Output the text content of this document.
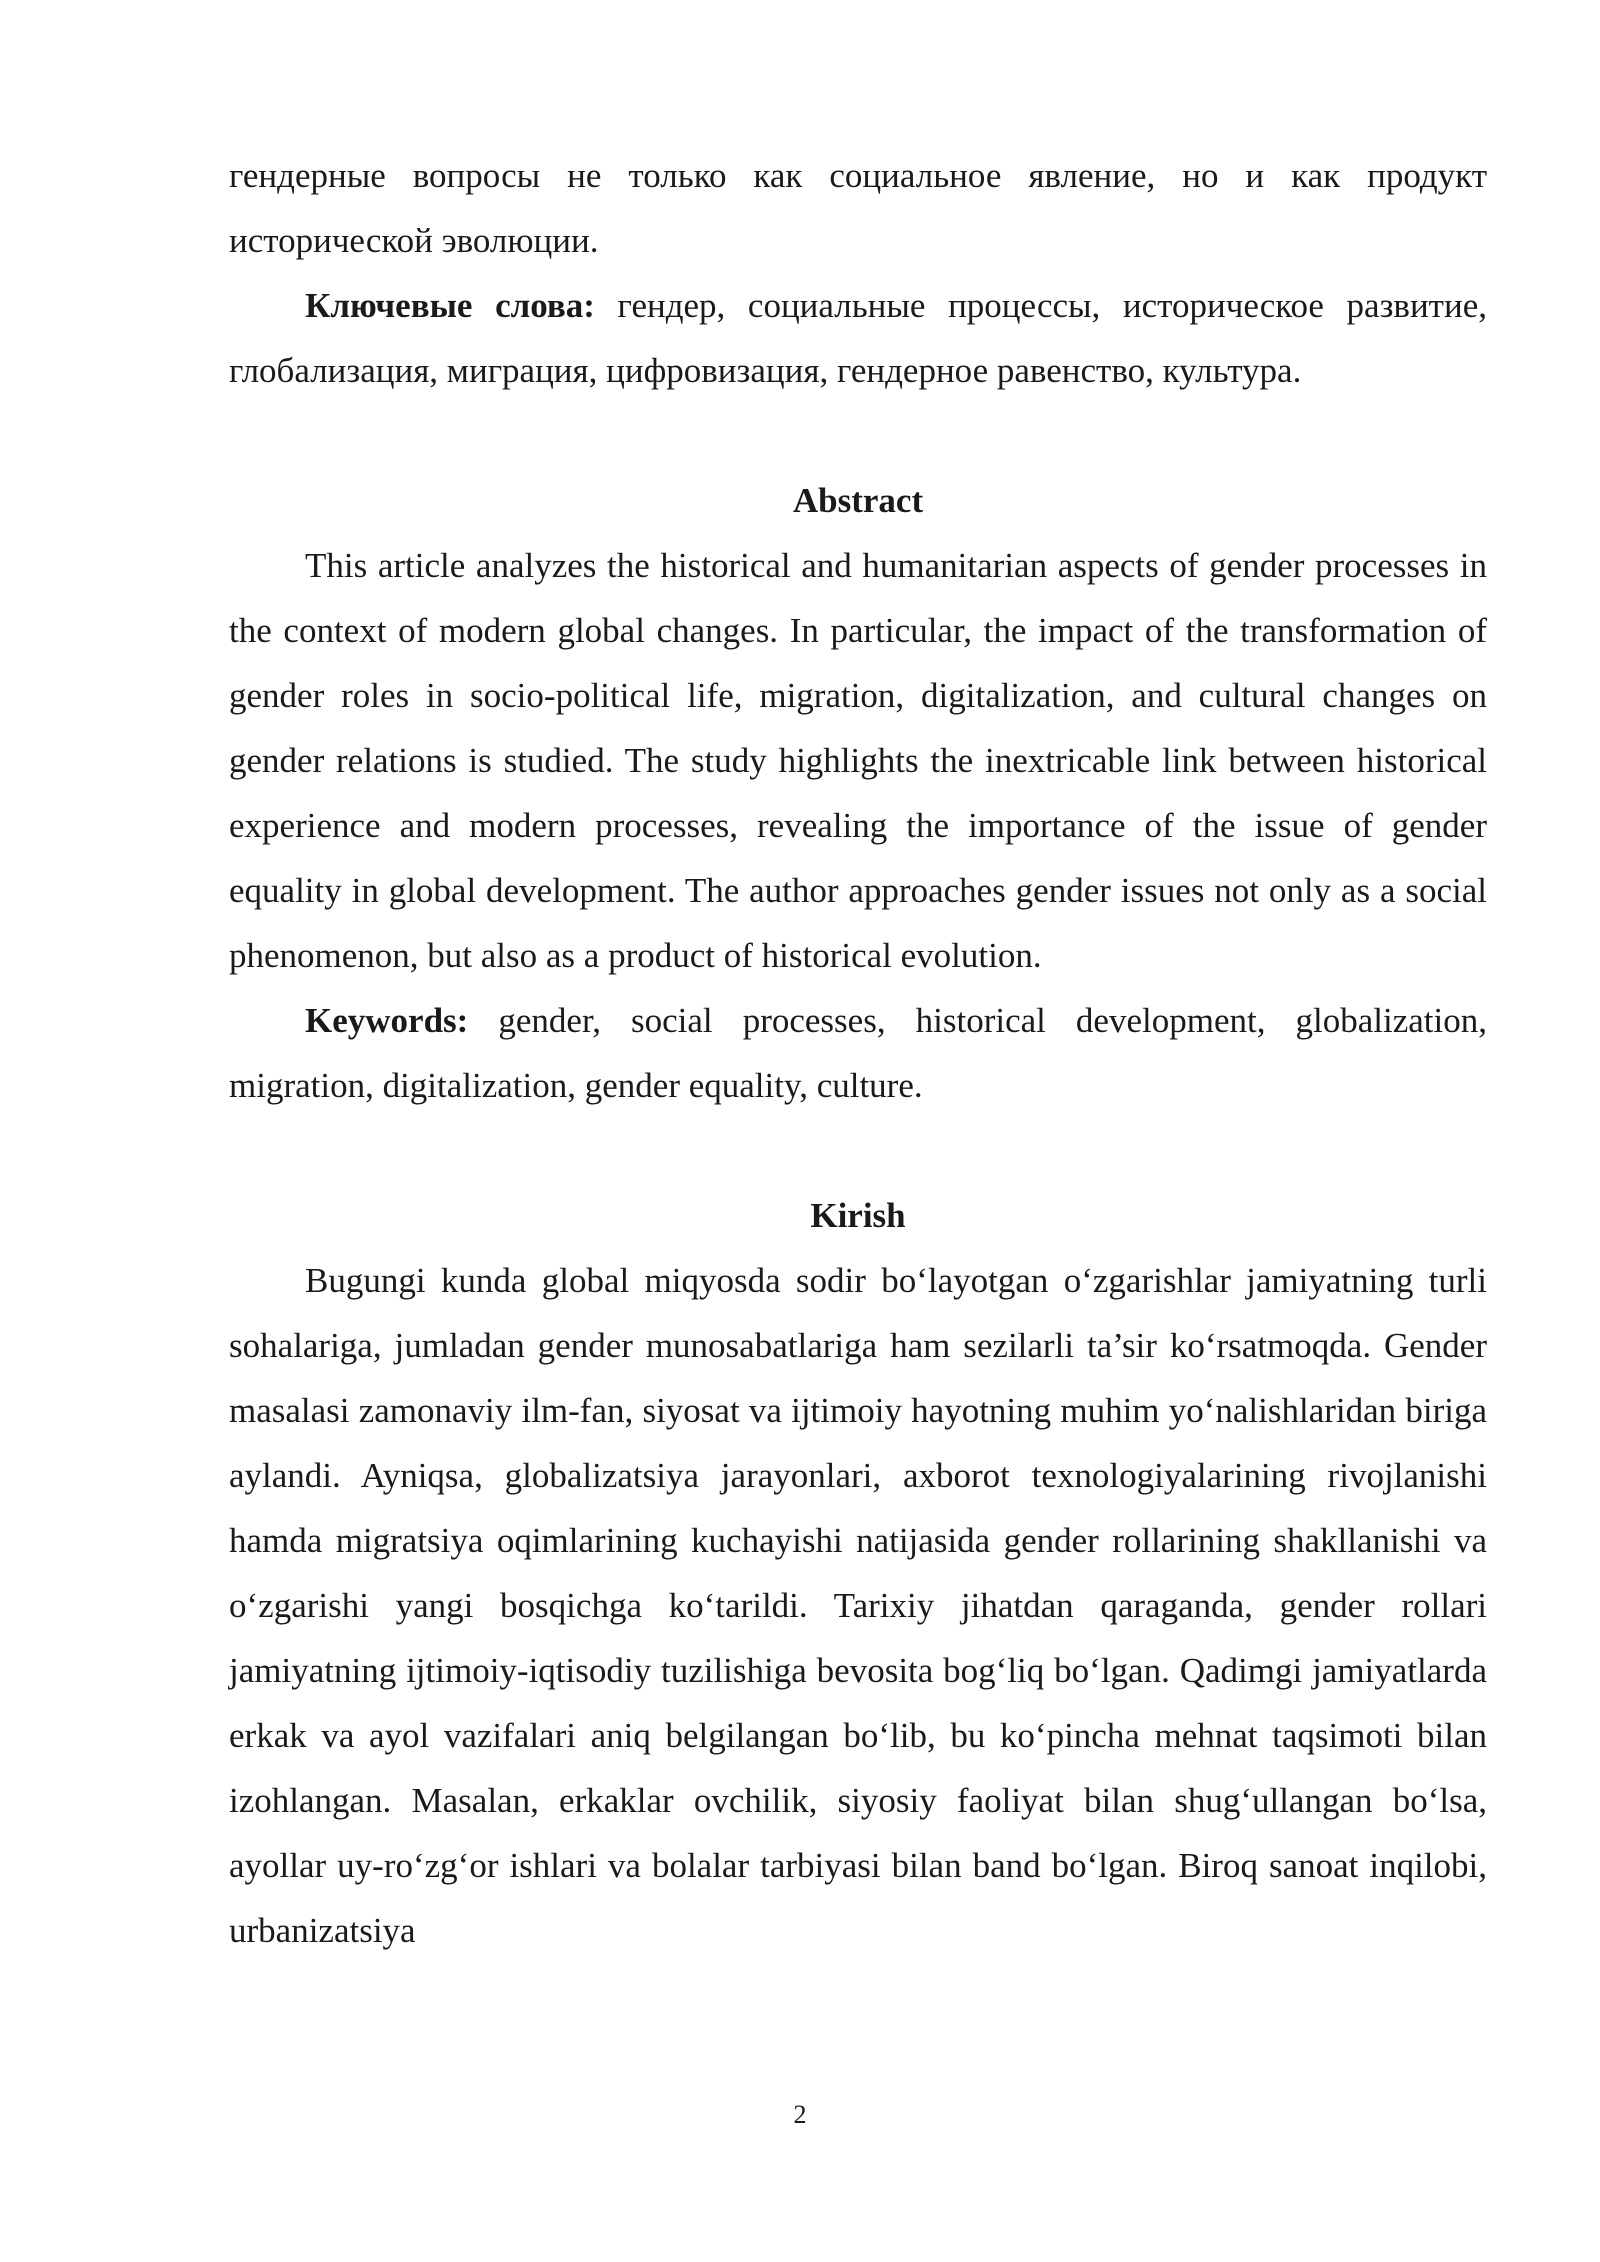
гендерные вопросы не только как социальное явление, но и как продукт исторической эволюции.

Ключевые слова: гендер, социальные процессы, историческое развитие, глобализация, миграция, цифровизация, гендерное равенство, культура.

Abstract

This article analyzes the historical and humanitarian aspects of gender processes in the context of modern global changes. In particular, the impact of the transformation of gender roles in socio-political life, migration, digitalization, and cultural changes on gender relations is studied. The study highlights the inextricable link between historical experience and modern processes, revealing the importance of the issue of gender equality in global development. The author approaches gender issues not only as a social phenomenon, but also as a product of historical evolution.

Keywords: gender, social processes, historical development, globalization, migration, digitalization, gender equality, culture.

Kirish

Bugungi kunda global miqyosda sodir bo‘layotgan o‘zgarishlar jamiyatning turli sohalariga, jumladan gender munosabatlariga ham sezilarli ta’sir ko‘rsatmoqda. Gender masalasi zamonaviy ilm-fan, siyosat va ijtimoiy hayotning muhim yo‘nalishlaridan biriga aylandi. Ayniqsa, globalizatsiya jarayonlari, axborot texnologiyalarining rivojlanishi hamda migratsiya oqimlarining kuchayishi natijasida gender rollarining shakllanishi va o‘zgarishi yangi bosqichga ko‘tarildi. Tarixiy jihatdan qaraganda, gender rollari jamiyatning ijtimoiy-iqtisodiy tuzilishiga bevosita bog‘liq bo‘lgan. Qadimgi jamiyatlarda erkak va ayol vazifalari aniq belgilangan bo‘lib, bu ko‘pincha mehnat taqsimoti bilan izohlangan. Masalan, erkaklar ovchilik, siyosiy faoliyat bilan shug‘ullangan bo‘lsa, ayollar uy-ro‘zg‘or ishlari va bolalar tarbiyasi bilan band bo‘lgan. Biroq sanoat inqilobi, urbanizatsiya

2
